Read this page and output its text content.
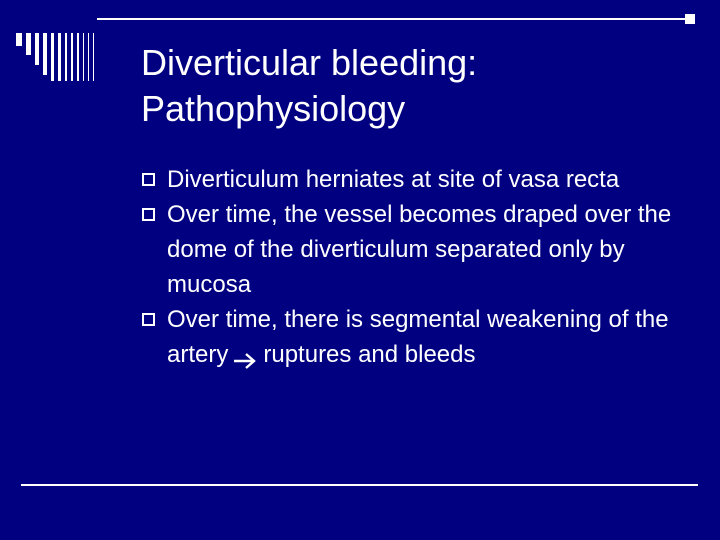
Diverticular bleeding:
Pathophysiology
Diverticulum herniates at site of vasa recta
Over time, the vessel becomes draped over the dome of the diverticulum separated only by mucosa
Over time, there is segmental weakening of the artery ruptures and bleeds
